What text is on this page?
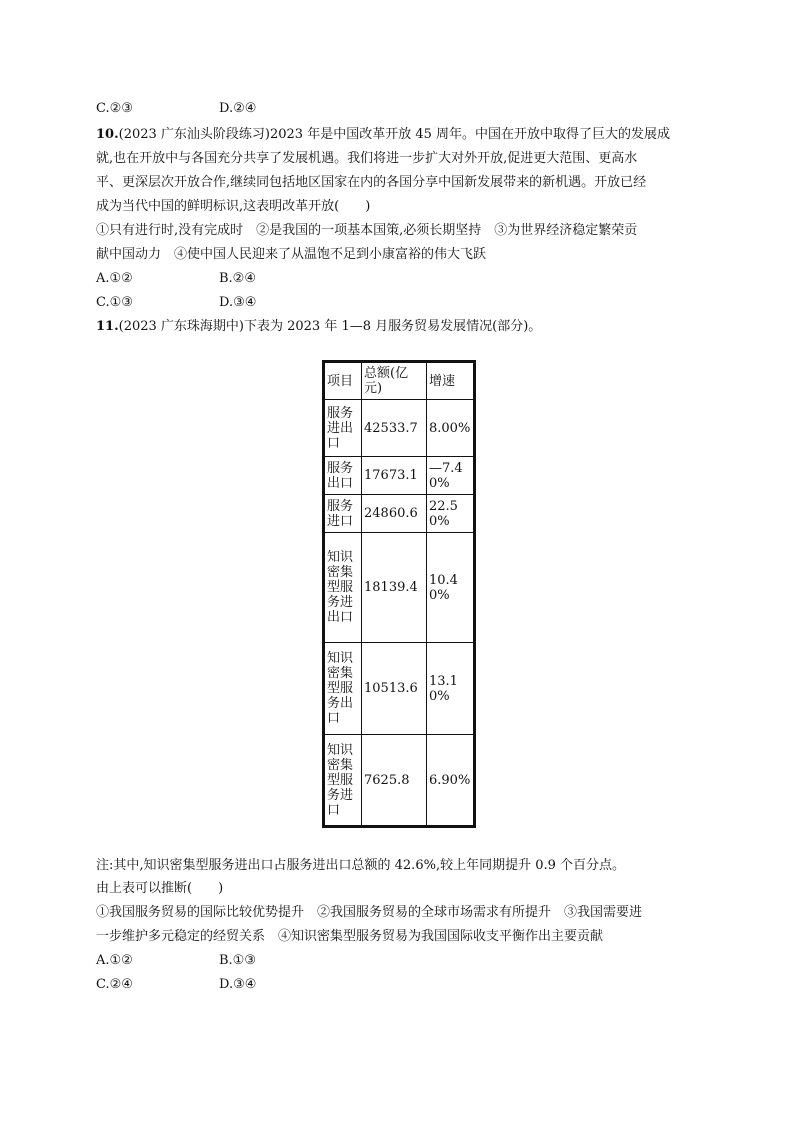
C.②③	D.②④
10.(2023 广东汕头阶段练习)2023 年是中国改革开放 45 周年。中国在开放中取得了巨大的发展成
就,也在开放中与各国充分共享了发展机遇。我们将进一步扩大对外开放,促进更大范围、更高水
平、更深层次开放合作,继续同包括地区国家在内的各国分享中国新发展带来的新机遇。开放已经
成为当代中国的鲜明标识,这表明改革开放(　　)
①只有进行时,没有完成时　②是我国的一项基本国策,必须长期坚持　③为世界经济稳定繁荣贡
献中国动力　④使中国人民迎来了从温饱不足到小康富裕的伟大飞跃
A.①②	B.②④
C.①③	D.③④
11.(2023 广东珠海期中)下表为 2023 年 1—8 月服务贸易发展情况(部分)。
项目	总额(亿元)	增速
服务进出口	42533.7	8.00%
服务出口	17673.1	—7.40%
服务进口	24860.6	22.50%
知识密集型服务进出口	18139.4	10.40%
知识密集型服务出口	10513.6	13.10%
知识密集型服务进口	7625.8	6.90%
注:其中,知识密集型服务进出口占服务进出口总额的 42.6%,较上年同期提升 0.9 个百分点。
由上表可以推断(　　)
①我国服务贸易的国际比较优势提升　②我国服务贸易的全球市场需求有所提升　③我国需要进
一步维护多元稳定的经贸关系　④知识密集型服务贸易为我国国际收支平衡作出主要贡献
A.①②	B.①③
C.②④	D.③④
